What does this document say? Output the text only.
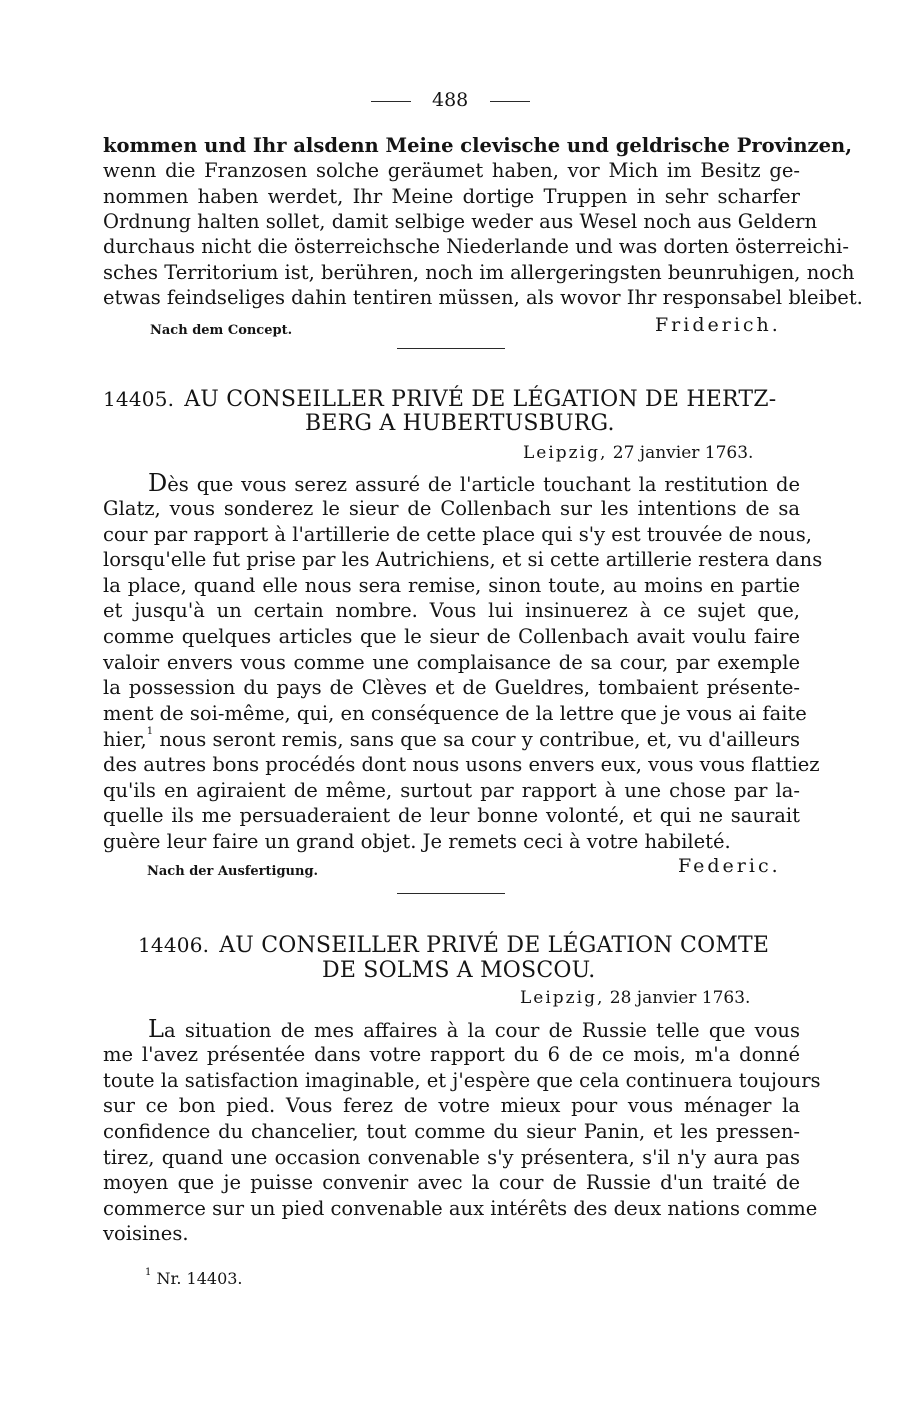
488
kommen und Ihr alsdenn Meine clevische und geldrische Provinzen,
wenn die Franzosen solche geräumet haben, vor Mich im Besitz ge-
nommen haben werdet, Ihr Meine dortige Truppen in sehr scharfer
Ordnung halten sollet, damit selbige weder aus Wesel noch aus Geldern
durchaus nicht die österreichsche Niederlande und was dorten österreichi-
sches Territorium ist, berühren, noch im allergeringsten beunruhigen, noch
etwas feindseliges dahin tentiren müssen, als wovor Ihr responsabel bleibet.
Nach dem Concept.	Friderich.
14405. AU CONSEILLER PRIVÉ DE LÉGATION DE HERTZ-
BERG A HUBERTUSBURG.
Leipzig, 27 janvier 1763.
Dès que vous serez assuré de l'article touchant la restitution de
Glatz, vous sonderez le sieur de Collenbach sur les intentions de sa
cour par rapport à l'artillerie de cette place qui s'y est trouvée de nous,
lorsqu'elle fut prise par les Autrichiens, et si cette artillerie restera dans
la place, quand elle nous sera remise, sinon toute, au moins en partie
et jusqu'à un certain nombre. Vous lui insinuerez à ce sujet que,
comme quelques articles que le sieur de Collenbach avait voulu faire
valoir envers vous comme une complaisance de sa cour, par exemple
la possession du pays de Clèves et de Gueldres, tombaient présente-
ment de soi-même, qui, en conséquence de la lettre que je vous ai faite
hier,$^1$ nous seront remis, sans que sa cour y contribue, et, vu d'ailleurs
des autres bons procédés dont nous usons envers eux, vous vous flattiez
qu'ils en agiraient de même, surtout par rapport à une chose par la-
quelle ils me persuaderaient de leur bonne volonté, et qui ne saurait
guère leur faire un grand objet. Je remets ceci à votre habileté.
Nach der Ausfertigung.	Federic.
14406. AU CONSEILLER PRIVÉ DE LÉGATION COMTE
DE SOLMS A MOSCOU.
Leipzig, 28 janvier 1763.
La situation de mes affaires à la cour de Russie telle que vous
me l'avez présentée dans votre rapport du 6 de ce mois, m'a donné
toute la satisfaction imaginable, et j'espère que cela continuera toujours
sur ce bon pied. Vous ferez de votre mieux pour vous ménager la
confidence du chancelier, tout comme du sieur Panin, et les pressen-
tirez, quand une occasion convenable s'y présentera, s'il n'y aura pas
moyen que je puisse convenir avec la cour de Russie d'un traité de
commerce sur un pied convenable aux intérêts des deux nations comme
voisines.
$^1$ Nr. 14403.
